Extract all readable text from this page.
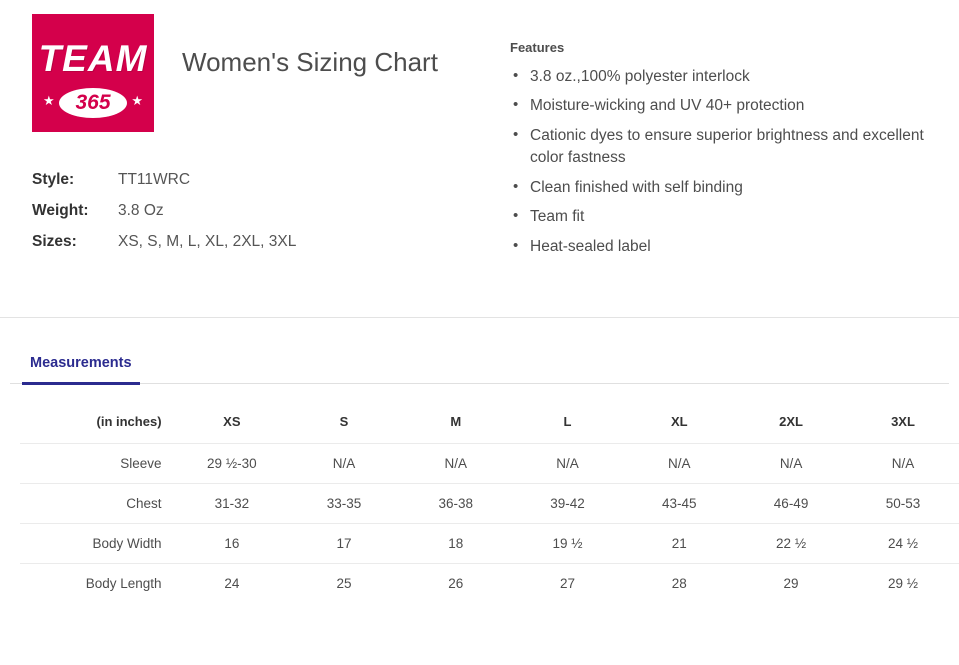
TEAM
★	★
365
Style:	TT11WRC
Weight:	3.8 Oz
Sizes:	XS, S, M, L, XL, 2XL, 3XL
Women's Sizing Chart	Features
• 3.8 oz.,100% polyester interlock
• Moisture-wicking and UV 40+ protection
• Cationic dyes to ensure superior brightness and excellent color fastness
• Clean finished with self binding
• Team fit
• Heat-sealed label
Measurements
(in inches)	XS	S	M	L	XL	2XL	3XL
Sleeve	29 ½-30	N/A	N/A	N/A	N/A	N/A	N/A
Chest	31-32	33-35	36-38	39-42	43-45	46-49	50-53
Body Width	16	17	18	19 ½	21	22 ½	24 ½
Body Length	24	25	26	27	28	29	29 ½
